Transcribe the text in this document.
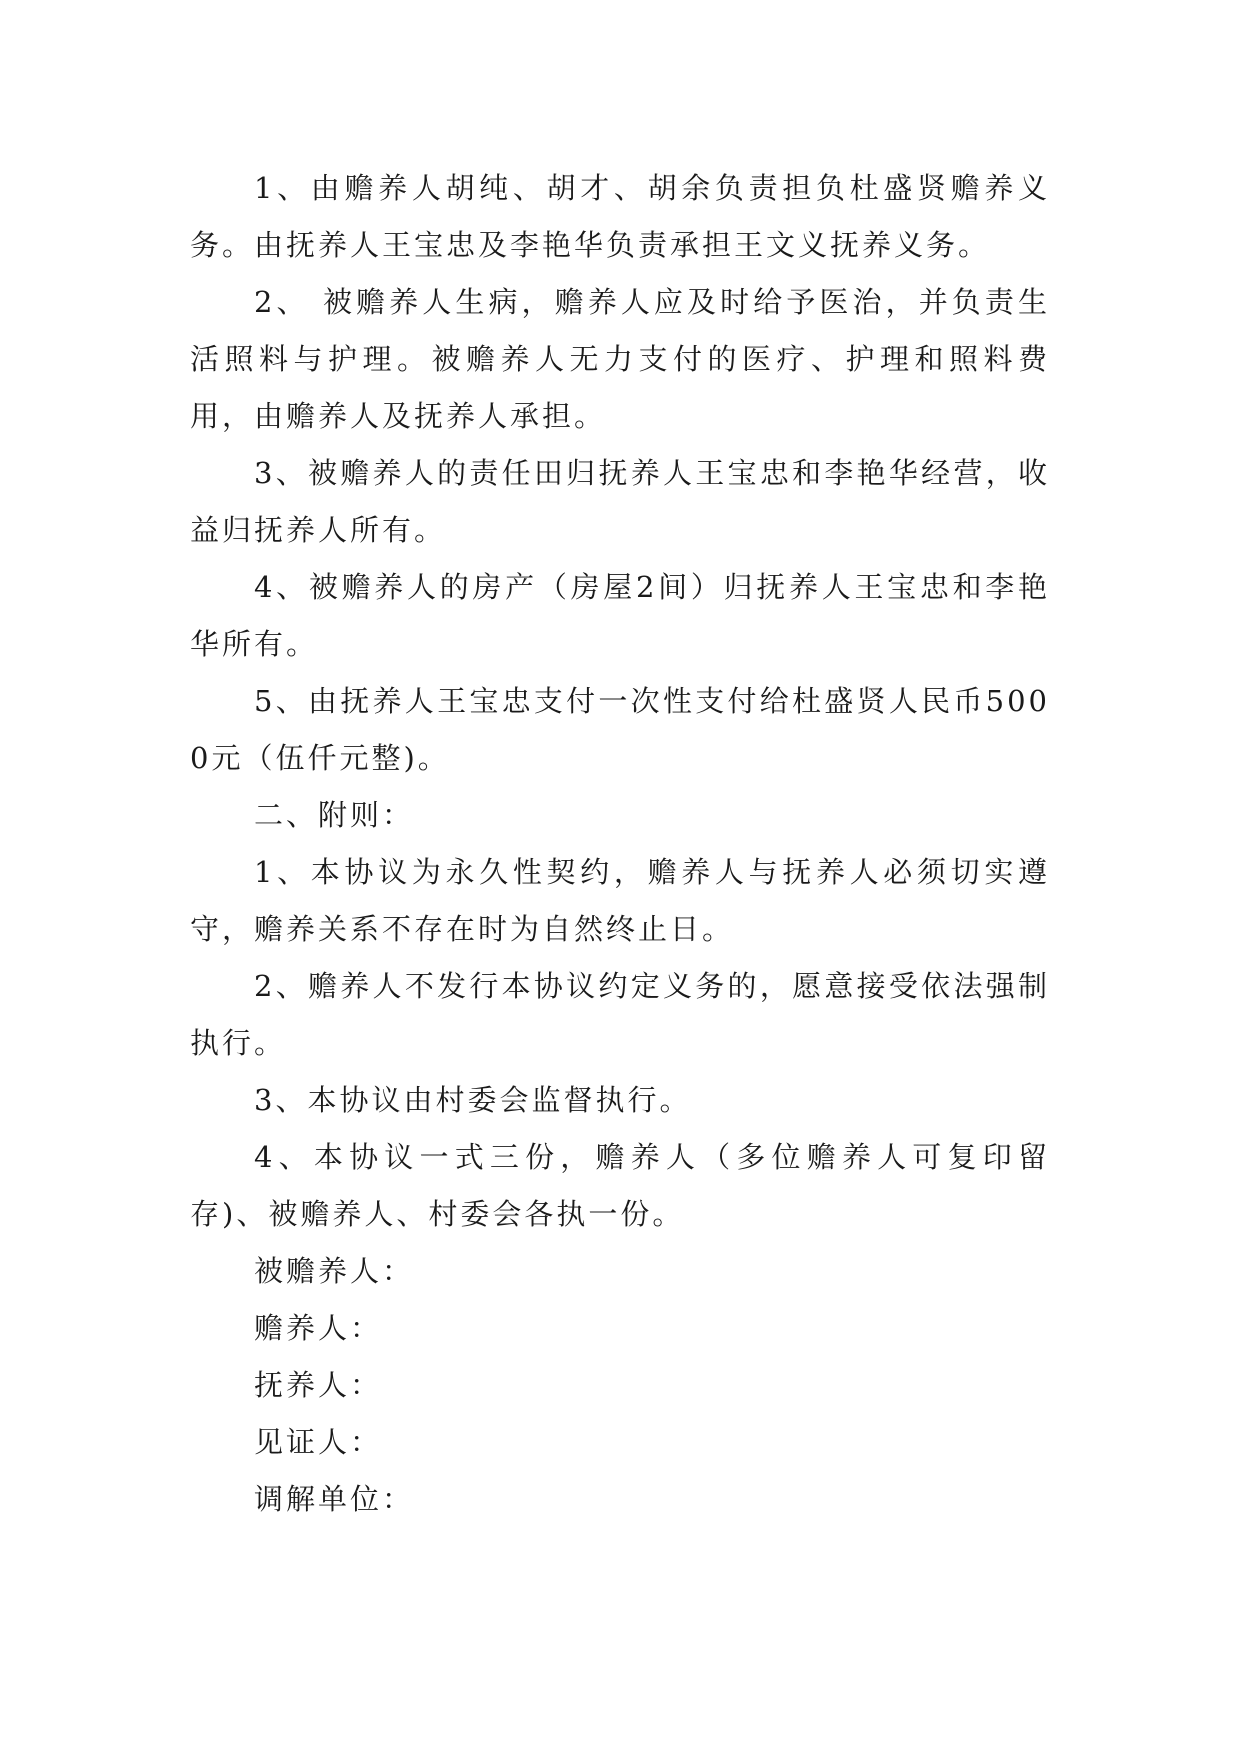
1、由赡养人胡纯、胡才、胡余负责担负杜盛贤赡养义务。由抚养人王宝忠及李艳华负责承担王文义抚养义务。

2、 被赡养人生病，赡养人应及时给予医治，并负责生活照料与护理。被赡养人无力支付的医疗、护理和照料费用，由赡养人及抚养人承担。

3、被赡养人的责任田归抚养人王宝忠和李艳华经营，收益归抚养人所有。

4、被赡养人的房产（房屋2间）归抚养人王宝忠和李艳华所有。

5、由抚养人王宝忠支付一次性支付给杜盛贤人民币5000元（伍仟元整)。

二、附则：

1、本协议为永久性契约，赡养人与抚养人必须切实遵守，赡养关系不存在时为自然终止日。

2、赡养人不发行本协议约定义务的，愿意接受依法强制执行。

3、本协议由村委会监督执行。

4、本协议一式三份，赡养人（多位赡养人可复印留存)、被赡养人、村委会各执一份。

被赡养人：
赡养人：
抚养人：
见证人：
调解单位：
